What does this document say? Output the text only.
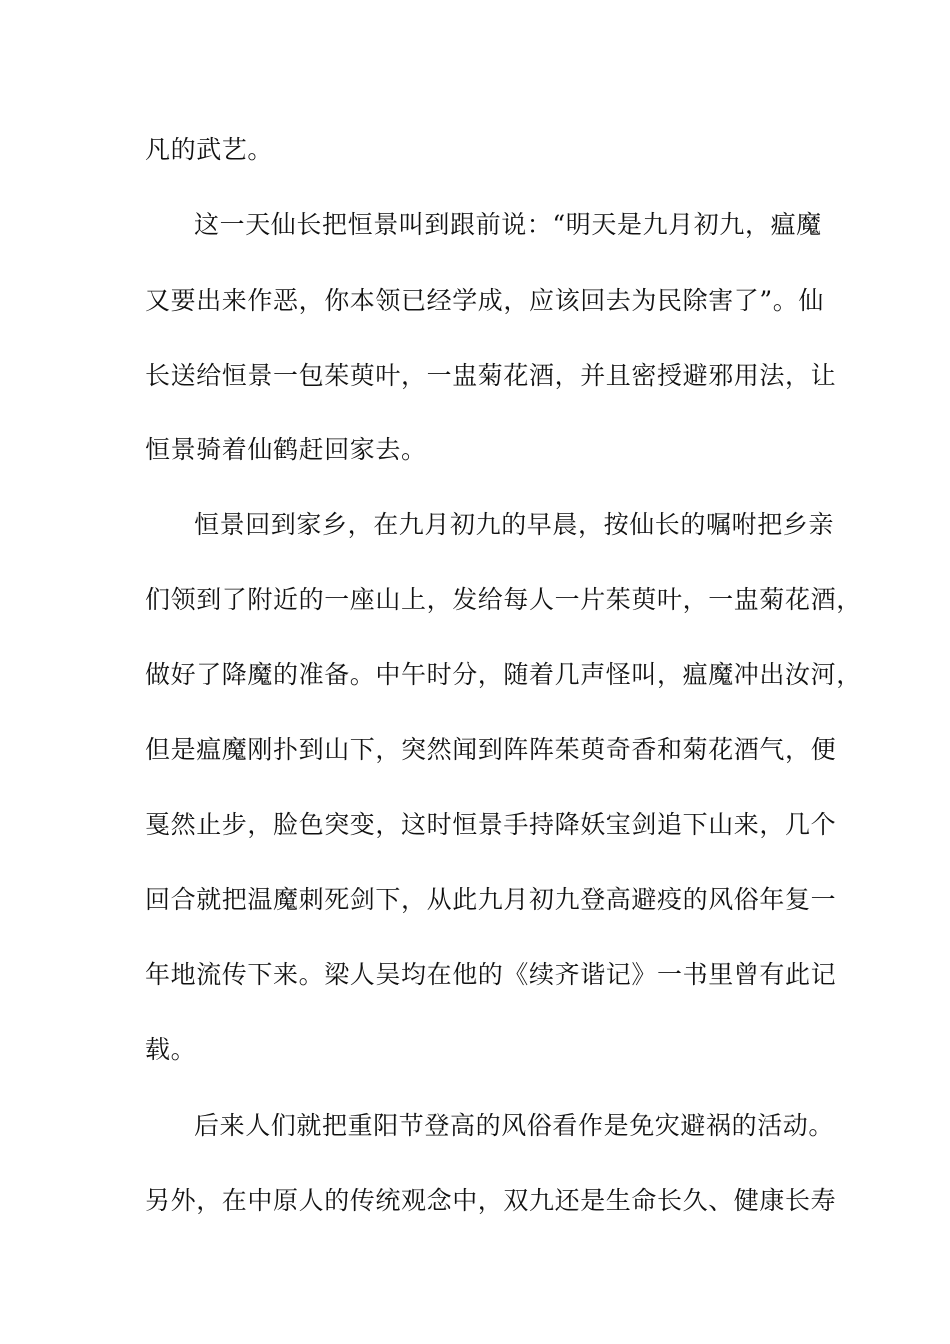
凡的武艺。
这一天仙长把恒景叫到跟前说：“明天是九月初九，瘟魔
又要出来作恶，你本领已经学成，应该回去为民除害了”。仙
长送给恒景一包茱萸叶，一盅菊花酒，并且密授避邪用法，让
恒景骑着仙鹤赶回家去。
恒景回到家乡，在九月初九的早晨，按仙长的嘱咐把乡亲
们领到了附近的一座山上，发给每人一片茱萸叶，一盅菊花酒，
做好了降魔的准备。中午时分，随着几声怪叫，瘟魔冲出汝河，
但是瘟魔刚扑到山下，突然闻到阵阵茱萸奇香和菊花酒气，便
戛然止步，脸色突变，这时恒景手持降妖宝剑追下山来，几个
回合就把温魔刺死剑下，从此九月初九登高避疫的风俗年复一
年地流传下来。梁人吴均在他的《续齐谐记》一书里曾有此记
载。
后来人们就把重阳节登高的风俗看作是免灾避祸的活动。
另外，在中原人的传统观念中，双九还是生命长久、健康长寿
